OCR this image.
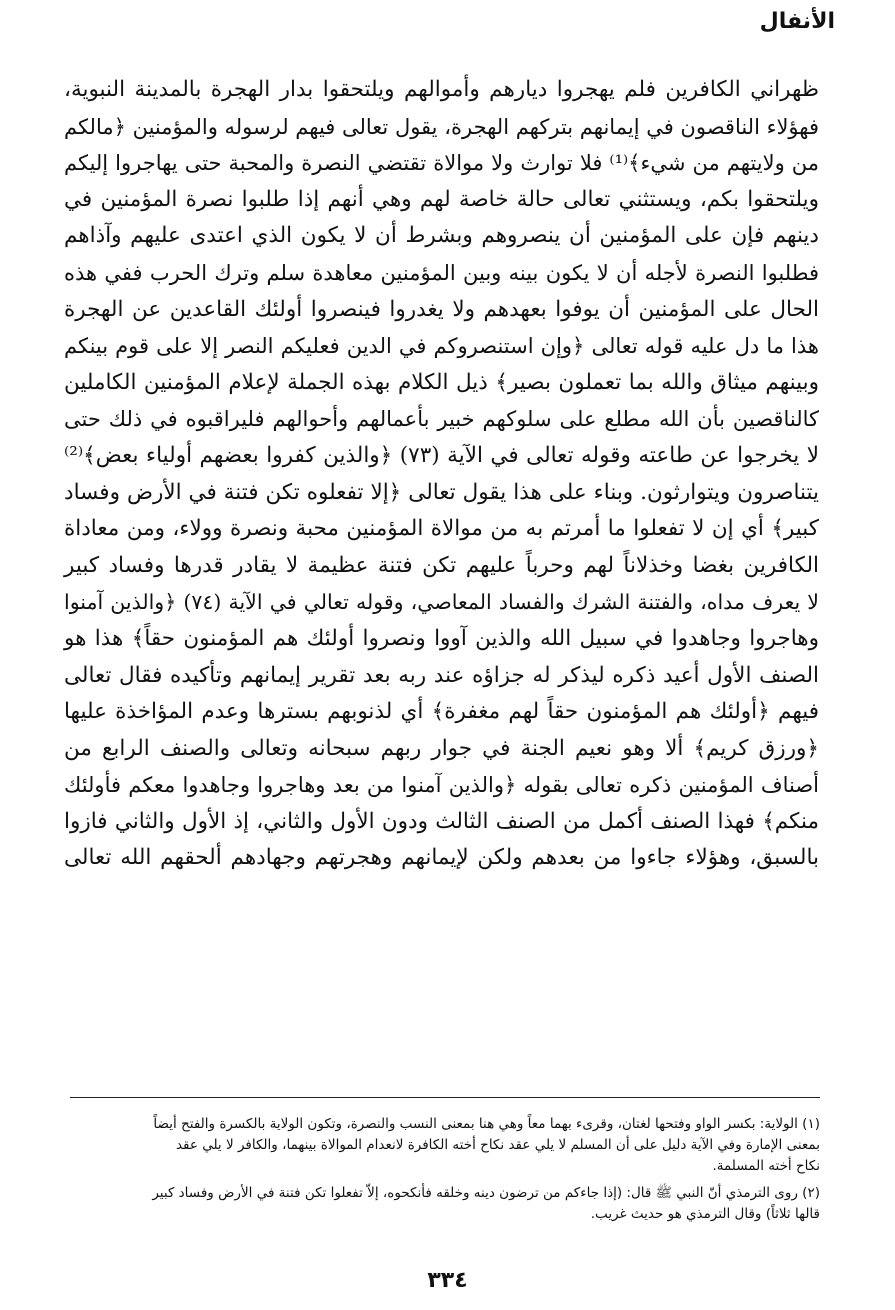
الأنفال
ظهراني الكافرين فلم يهجروا ديارهم وأموالهم ويلتحقوا بدار الهجرة بالمدينة النبوية،
فهؤلاء الناقصون في إيمانهم بتركهم الهجرة، يقول تعالى فيهم لرسوله والمؤمنين ﴿مالكم
من ولايتهم من شيء﴾⁽¹⁾ فلا توارث ولا موالاة تقتضي النصرة والمحبة حتى يهاجروا إليكم
ويلتحقوا بكم، ويستثني تعالى حالة خاصة لهم وهي أنهم إذا طلبوا نصرة المؤمنين في
دينهم فإن على المؤمنين أن ينصروهم وبشرط أن لا يكون الذي اعتدى عليهم وآذاهم
فطلبوا النصرة لأجله أن لا يكون بينه وبين المؤمنين معاهدة سلم وترك الحرب ففي هذه
الحال على المؤمنين أن يوفوا بعهدهم ولا يغدروا فينصروا أولئك القاعدين عن الهجرة
هذا ما دل عليه قوله تعالى ﴿وإن استنصروكم في الدين فعليكم النصر إلا على قوم بينكم
وبينهم ميثاق والله بما تعملون بصير﴾ ذيل الكلام بهذه الجملة لإعلام المؤمنين الكاملين
كالناقصين بأن الله مطلع على سلوكهم خبير بأعمالهم وأحوالهم فليراقبوه في ذلك حتى
لا يخرجوا عن طاعته وقوله تعالى في الآية (٧٣) ﴿والذين كفروا بعضهم أولياء بعض﴾⁽²⁾
يتناصرون ويتوارثون. وبناء على هذا يقول تعالى ﴿إلا تفعلوه تكن فتنة في الأرض وفساد
كبير﴾ أي إن لا تفعلوا ما أمرتم به من موالاة المؤمنين محبة ونصرة وولاء، ومن معاداة
الكافرين بغضا وخذلاناً لهم وحرباً عليهم تكن فتنة عظيمة لا يقادر قدرها وفساد كبير
لا يعرف مداه، والفتنة الشرك والفساد المعاصي، وقوله تعالي في الآية (٧٤) ﴿والذين آمنوا
وهاجروا وجاهدوا في سبيل الله والذين آووا ونصروا أولئك هم المؤمنون حقاً﴾ هذا هو
الصنف الأول أعيد ذكره ليذكر له جزاؤه عند ربه بعد تقرير إيمانهم وتأكيده فقال تعالى
فيهم ﴿أولئك هم المؤمنون حقاً لهم مغفرة﴾ أي لذنوبهم بسترها وعدم المؤاخذة عليها
﴿ورزق كريم﴾ ألا وهو نعيم الجنة في جوار ربهم سبحانه وتعالى والصنف الرابع من
أصناف المؤمنين ذكره تعالى بقوله ﴿والذين آمنوا من بعد وهاجروا وجاهدوا معكم فأولئك
منكم﴾ فهذا الصنف أكمل من الصنف الثالث ودون الأول والثاني، إذ الأول والثاني فازوا
بالسبق، وهؤلاء جاءوا من بعدهم ولكن لإيمانهم وهجرتهم وجهادهم ألحقهم الله تعالى
(١) الولاية: بكسر الواو وفتحها لغتان، وقرىء بهما معاً وهي هنا بمعنى النسب والنصرة، وتكون الولاية بالكسرة والفتح أيضاً
بمعنى الإمارة وفي الآية دليل على أن المسلم لا يلي عقد نكاح أخته الكافرة لانعدام الموالاة بينهما، والكافر لا يلي عقد
نكاح أخته المسلمة.
(٢) روى الترمذي أنّ النبي ﷺ قال: (إذا جاءكم من ترضون دينه وخلقه فأنكحوه، إلاّ تفعلوا تكن فتنة في الأرض وفساد كبير
قالها ثلاثاً) وقال الترمذي هو حديث غريب.
٣٣٤
